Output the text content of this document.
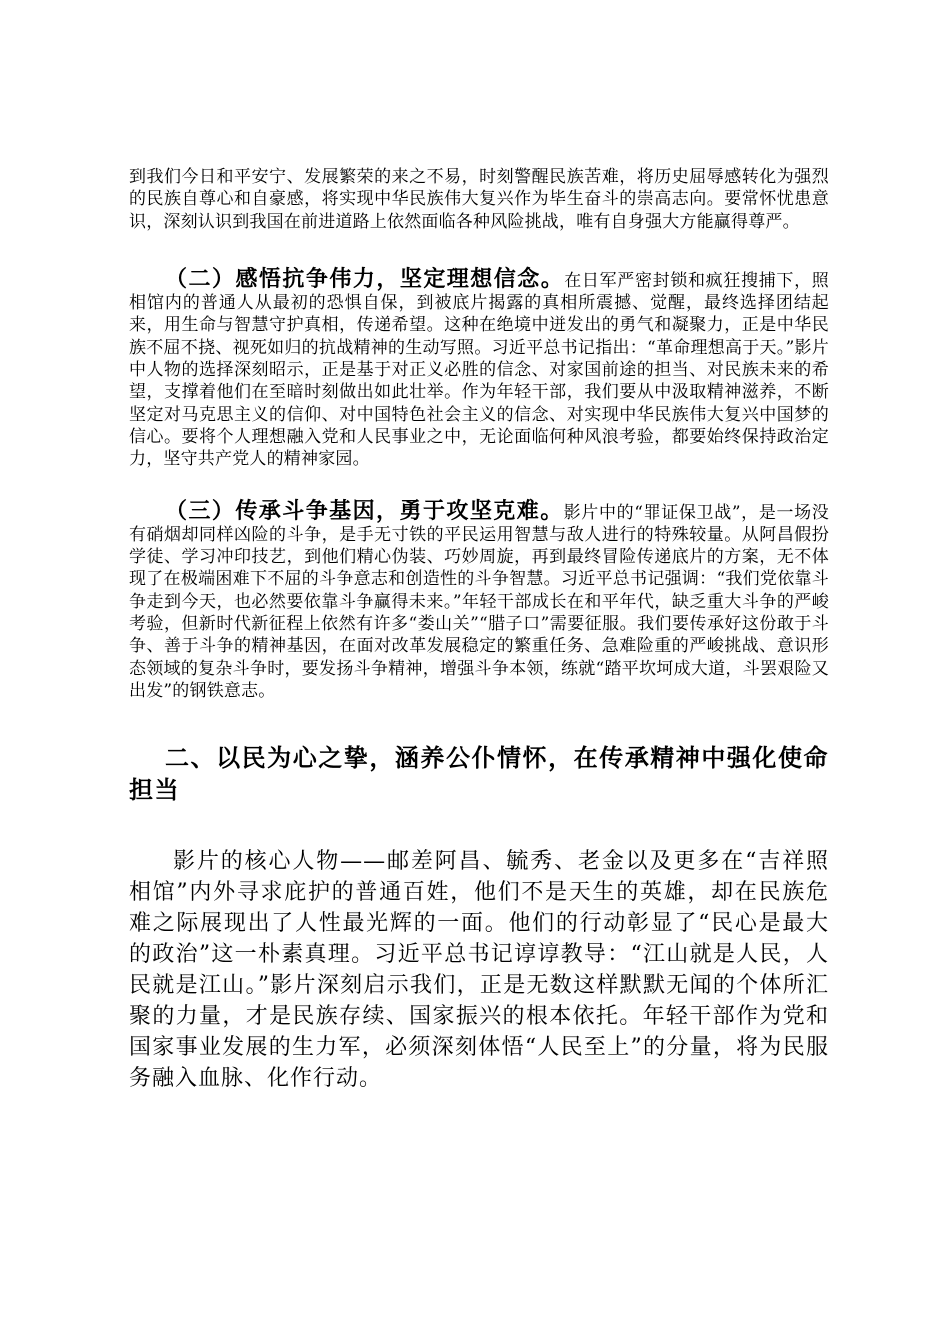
到我们今日和平安宁、发展繁荣的来之不易，时刻警醒民族苦难，将历史屈辱感转化为强烈的民族自尊心和自豪感，将实现中华民族伟大复兴作为毕生奋斗的崇高志向。要常怀忧患意识，深刻认识到我国在前进道路上依然面临各种风险挑战，唯有自身强大方能赢得尊严。

（二）感悟抗争伟力，坚定理想信念。在日军严密封锁和疯狂搜捕下，照相馆内的普通人从最初的恐惧自保，到被底片揭露的真相所震撼、觉醒，最终选择团结起来，用生命与智慧守护真相，传递希望。这种在绝境中迸发出的勇气和凝聚力，正是中华民族不屈不挠、视死如归的抗战精神的生动写照。习近平总书记指出：“革命理想高于天。”影片中人物的选择深刻昭示，正是基于对正义必胜的信念、对家国前途的担当、对民族未来的希望，支撑着他们在至暗时刻做出如此壮举。作为年轻干部，我们要从中汲取精神滋养，不断坚定对马克思主义的信仰、对中国特色社会主义的信念、对实现中华民族伟大复兴中国梦的信心。要将个人理想融入党和人民事业之中，无论面临何种风浪考验，都要始终保持政治定力，坚守共产党人的精神家园。

（三）传承斗争基因，勇于攻坚克难。影片中的“罪证保卫战”，是一场没有硝烟却同样凶险的斗争，是手无寸铁的平民运用智慧与敌人进行的特殊较量。从阿昌假扮学徒、学习冲印技艺，到他们精心伪装、巧妙周旋，再到最终冒险传递底片的方案，无不体现了在极端困难下不屈的斗争意志和创造性的斗争智慧。习近平总书记强调：“我们党依靠斗争走到今天，也必然要依靠斗争赢得未来。”年轻干部成长在和平年代，缺乏重大斗争的严峻考验，但新时代新征程上依然有许多“娄山关”“腊子口”需要征服。我们要传承好这份敢于斗争、善于斗争的精神基因，在面对改革发展稳定的繁重任务、急难险重的严峻挑战、意识形态领域的复杂斗争时，要发扬斗争精神，增强斗争本领，练就“踏平坎坷成大道，斗罢艰险又出发”的钢铁意志。

二、以民为心之挚，涵养公仆情怀，在传承精神中强化使命担当

影片的核心人物——邮差阿昌、毓秀、老金以及更多在“吉祥照相馆”内外寻求庇护的普通百姓，他们不是天生的英雄，却在民族危难之际展现出了人性最光辉的一面。他们的行动彰显了“民心是最大的政治”这一朴素真理。习近平总书记谆谆教导：“江山就是人民，人民就是江山。”影片深刻启示我们，正是无数这样默默无闻的个体所汇聚的力量，才是民族存续、国家振兴的根本依托。年轻干部作为党和国家事业发展的生力军，必须深刻体悟“人民至上”的分量，将为民服务融入血脉、化作行动。
